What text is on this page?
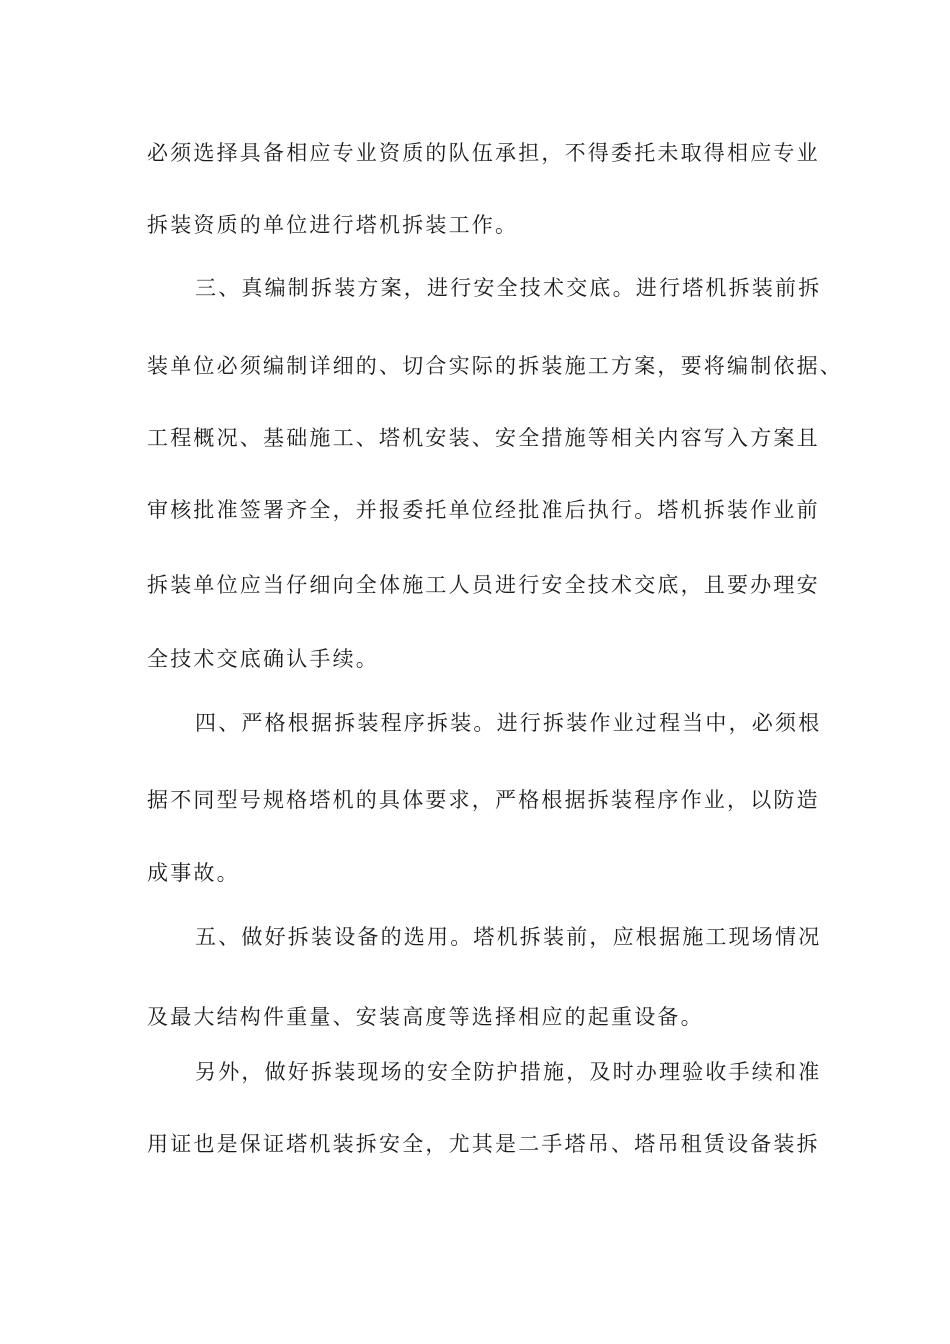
必须选择具备相应专业资质的队伍承担，不得委托未取得相应专业

拆装资质的单位进行塔机拆装工作。

三、真编制拆装方案，进行安全技术交底。进行塔机拆装前拆

装单位必须编制详细的、切合实际的拆装施工方案，要将编制依据、

工程概况、基础施工、塔机安装、安全措施等相关内容写入方案且

审核批准签署齐全，并报委托单位经批准后执行。塔机拆装作业前

拆装单位应当仔细向全体施工人员进行安全技术交底，且要办理安

全技术交底确认手续。

四、严格根据拆装程序拆装。进行拆装作业过程当中，必须根

据不同型号规格塔机的具体要求，严格根据拆装程序作业，以防造

成事故。

五、做好拆装设备的选用。塔机拆装前，应根据施工现场情况

及最大结构件重量、安装高度等选择相应的起重设备。

另外，做好拆装现场的安全防护措施，及时办理验收手续和准

用证也是保证塔机装拆安全，尤其是二手塔吊、塔吊租赁设备装拆
